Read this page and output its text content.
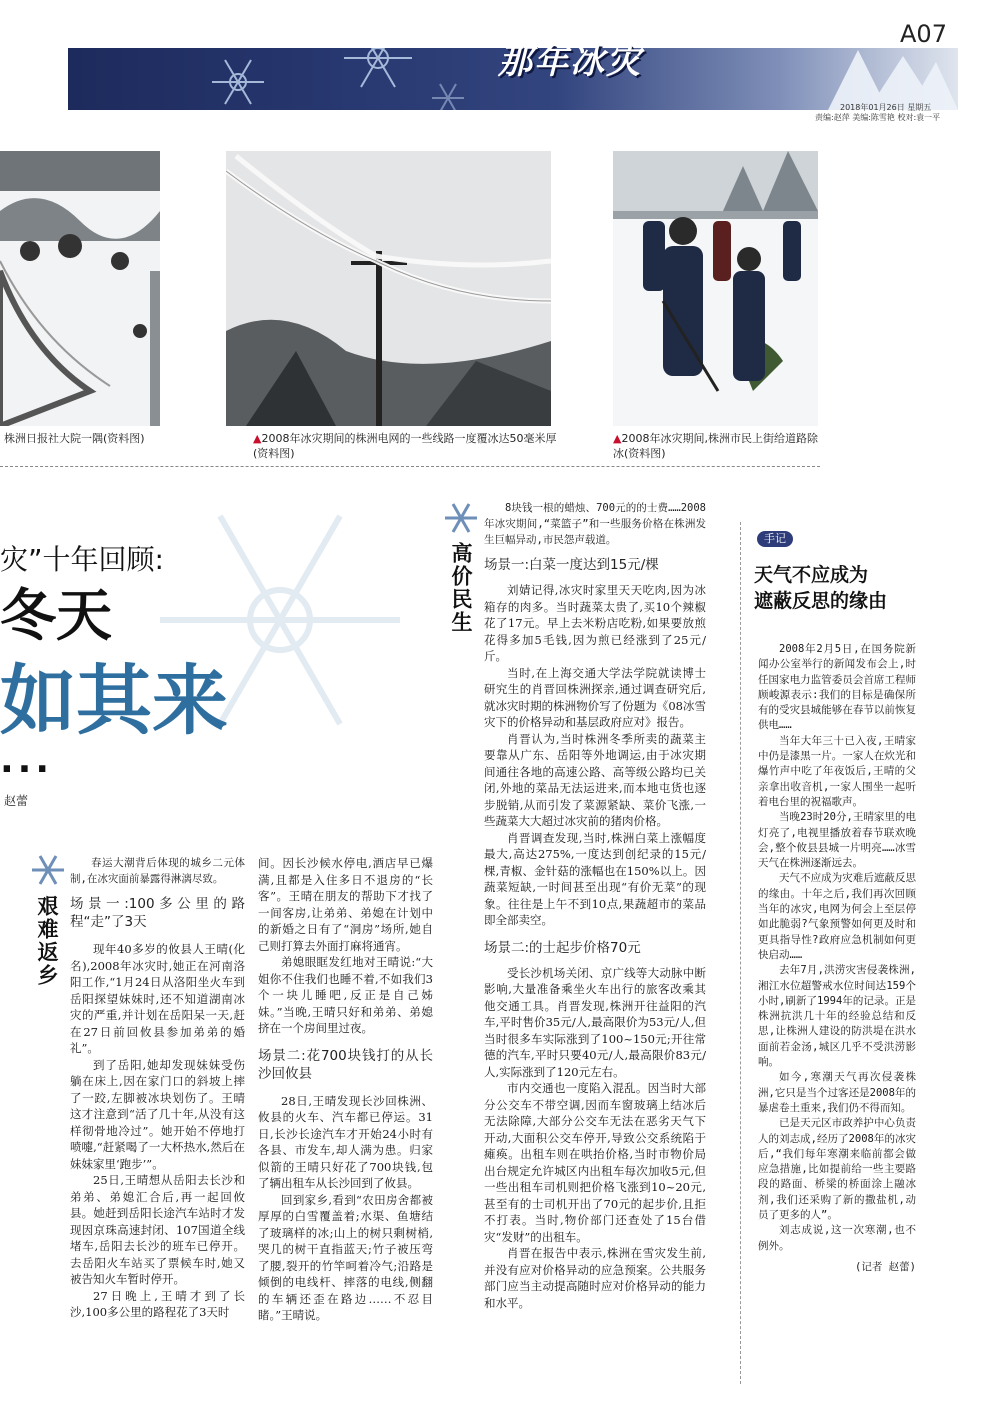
那年冰灾
A07
2018年01月26日 星期五
责编:赵萍 美编:陈雪艳 校对:袁一平
株洲日报社大院一隅(资料图)	▲2008年冰灾期间的株洲电网的一些线路一度覆冰达50毫米厚(资料图)
▲2008年冰灾期间,株洲市民上街给道路除冰(资料图)
灾”十年回顾:
冬天
如其来
...
赵蕾
艰难返乡

春运大潮背后体现的城乡二元体制,在冰灾面前暴露得淋漓尽致。

场景一:100多公里的路程“走”了3天

现年40多岁的攸县人王晴(化名),2008年冰灾时,她正在河南洛阳工作,“1月24日从洛阳坐火车到岳阳探望妹妹时,还不知道湖南冰灾的严重,并计划在岳阳呆一天,赶在27日前回攸县参加弟弟的婚礼”。

到了岳阳,她却发现妹妹受伤躺在床上,因在家门口的斜坡上摔了一跤,左脚被冰块划伤了。王晴这才注意到“活了几十年,从没有这样彻骨地冷过”。她开始不停地打喷嚏,“赶紧喝了一大杯热水,然后在妹妹家里‘跑步’”。

25日,王晴想从岳阳去长沙和弟弟、弟媳汇合后,再一起回攸县。她赶到岳阳长途汽车站时才发现因京珠高速封闭、107国道全线堵车,岳阳去长沙的班车已停开。去岳阳火车站买了票候车时,她又被告知火车暂时停开。

27日晚上,王晴才到了长沙,100多公里的路程花了3天时

间。因长沙候水停电,酒店早已爆满,且都是入住多日不退房的“长客”。王晴在朋友的帮助下才找了一间客房,让弟弟、弟媳在计划中的新婚之日有了“洞房”场所,她自己则打算去外面打麻将通宵。

弟媳眼眶发红地对王晴说:“大姐你不住我们也睡不着,不如我们3个一块儿睡吧,反正是自己姊妹。”当晚,王晴只好和弟弟、弟媳挤在一个房间里过夜。

场景二:花700块钱打的从长沙回攸县

28日,王晴发现长沙回株洲、攸县的火车、汽车都已停运。31日,长沙长途汽车才开始24小时有各县、市发车,却人满为患。归家似箭的王晴只好花了700块钱,包了辆出租车从长沙回到了攸县。

回到家乡,看到“农田房舍都被厚厚的白雪覆盖着;水渠、鱼塘结了玻璃样的冰;山上的树只剩树梢,哭几的树干直指蓝天;竹子被压弯了腰,裂开的竹竿呵着冷气;沿路是倾倒的电线杆、摔落的电线,侧翻的车辆还歪在路边……不忍目睹。”王晴说。

高价民生

8块钱一根的蜡烛、700元的的士费……2008年冰灾期间,“菜篮子”和一些服务价格在株洲发生巨幅异动,市民怨声载道。

场景一:白菜一度达到15元/棵

刘婧记得,冰灾时家里天天吃肉,因为冰箱存的肉多。当时蔬菜太贵了,买10个辣椒花了17元。早上去米粉店吃粉,如果要放煎花得多加5毛钱,因为煎已经涨到了25元/斤。

当时,在上海交通大学法学院就读博士研究生的肖晋回株洲探亲,通过调查研究后,就冰灾时期的株洲物价写了份题为《08冰雪灾下的价格异动和基层政府应对》报告。

肖晋认为,当时株洲冬季所卖的蔬菜主要靠从广东、岳阳等外地调运,由于冰灾期间通往各地的高速公路、高等级公路均已关闭,外地的菜品无法运进来,而本地屯货也逐步脱销,从而引发了菜源紧缺、菜价飞涨,一些蔬菜大大超过冰灾前的猪肉价格。

肖晋调查发现,当时,株洲白菜上涨幅度最大,高达275%,一度达到创纪录的15元/棵,青椒、金针菇的涨幅也在150%以上。因蔬菜短缺,一时间甚至出现“有价无菜”的现象。往往是上午不到10点,果蔬超市的菜品即全部卖空。

场景二:的士起步价格70元

受长沙机场关闭、京广线等大动脉中断影响,大量准备乘坐火车出行的旅客改乘其他交通工具。肖晋发现,株洲开往益阳的汽车,平时售价35元/人,最高限价为53元/人,但当时很多车实际涨到了100~150元;开往常德的汽车,平时只要40元/人,最高限价83元/人,实际涨到了120元左右。

市内交通也一度陷入混乱。因当时大部分公交车不带空调,因而车窗玻璃上结冰后无法除障,大部分公交车无法在恶劣天气下开动,大面积公交车停开,导致公交系统陷于瘫痪。出租车则在哄抬价格,当时市物价局出台规定允许城区内出租车每次加收5元,但一些出租车司机则把价格飞涨到10~20元,甚至有的士司机开出了70元的起步价,且拒不打表。当时,物价部门还查处了15台借灾“发财”的出租车。

肖晋在报告中表示,株洲在雪灾发生前,并没有应对价格异动的应急预案。公共服务部门应当主动提高随时应对价格异动的能力和水平。

手记
天气不应成为
遮蔽反思的缘由

2008年2月5日,在国务院新闻办公室举行的新闻发布会上,时任国家电力监管委员会首席工程师顾峻源表示:我们的目标是确保所有的受灾县城能够在春节以前恢复供电……

当年大年三十已入夜,王晴家中仍是漆黑一片。一家人在炊光和爆竹声中吃了年夜饭后,王晴的父亲拿出收音机,一家人围坐一起听着电台里的祝福歌声。

当晚23时20分,王晴家里的电灯亮了,电视里播放着春节联欢晚会,整个攸县县城一片明亮……冰雪天气在株洲逐渐远去。

天气不应成为灾难后遮蔽反思的缘由。十年之后,我们再次回顾当年的冰灾,电网为何会上至层停如此脆弱?气象预警如何更及时和更具指导性?政府应急机制如何更快启动……

去年7月,洪涝灾害侵袭株洲,湘江水位超警戒水位时间达159个小时,刷新了1994年的记录。正是株洲抗洪几十年的经验总结和反思,让株洲人建设的防洪堤在洪水面前若金汤,城区几乎不受洪涝影响。

如今,寒潮天气再次侵袭株洲,它只是当个过客还是2008年的暴虐卷土重来,我们仍不得而知。

已是天元区市政养护中心负责人的刘志成,经历了2008年的冰灾后,“我们每年寒潮来临前都会做应急措施,比如提前给一些主要路段的路面、桥梁的桥面涂上融冰剂,我们还采购了新的撒盐机,动员了更多的人”。

刘志成说,这一次寒潮,也不例外。

(记者 赵蕾)
